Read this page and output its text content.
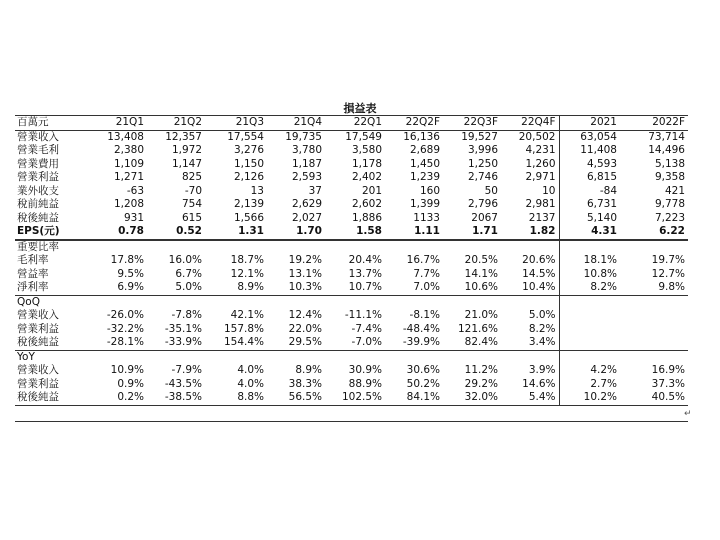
損益表
百萬元	21Q1	21Q2	21Q3	21Q4	22Q1	22Q2F	22Q3F	22Q4F	2021	2022F
營業收入	13,408	12,357	17,554	19,735	17,549	16,136	19,527	20,502	63,054	73,714
營業毛利	2,380	1,972	3,276	3,780	3,580	2,689	3,996	4,231	11,408	14,496
營業費用	1,109	1,147	1,150	1,187	1,178	1,450	1,250	1,260	4,593	5,138
營業利益	1,271	825	2,126	2,593	2,402	1,239	2,746	2,971	6,815	9,358
業外收支	-63	-70	13	37	201	160	50	10	-84	421
稅前純益	1,208	754	2,139	2,629	2,602	1,399	2,796	2,981	6,731	9,778
稅後純益	931	615	1,566	2,027	1,886	1133	2067	2137	5,140	7,223
EPS(元)	0.78	0.52	1.31	1.70	1.58	1.11	1.71	1.82	4.31	6.22
重要比率										
毛利率	17.8%	16.0%	18.7%	19.2%	20.4%	16.7%	20.5%	20.6%	18.1%	19.7%
營益率	9.5%	6.7%	12.1%	13.1%	13.7%	7.7%	14.1%	14.5%	10.8%	12.7%
淨利率	6.9%	5.0%	8.9%	10.3%	10.7%	7.0%	10.6%	10.4%	8.2%	9.8%
QoQ										
營業收入	-26.0%	-7.8%	42.1%	12.4%	-11.1%	-8.1%	21.0%	5.0%		
營業利益	-32.2%	-35.1%	157.8%	22.0%	-7.4%	-48.4%	121.6%	8.2%		
稅後純益	-28.1%	-33.9%	154.4%	29.5%	-7.0%	-39.9%	82.4%	3.4%		
YoY										
營業收入	10.9%	-7.9%	4.0%	8.9%	30.9%	30.6%	11.2%	3.9%	4.2%	16.9%
營業利益	0.9%	-43.5%	4.0%	38.3%	88.9%	50.2%	29.2%	14.6%	2.7%	37.3%
稅後純益	0.2%	-38.5%	8.8%	56.5%	102.5%	84.1%	32.0%	5.4%	10.2%	40.5%
↵
